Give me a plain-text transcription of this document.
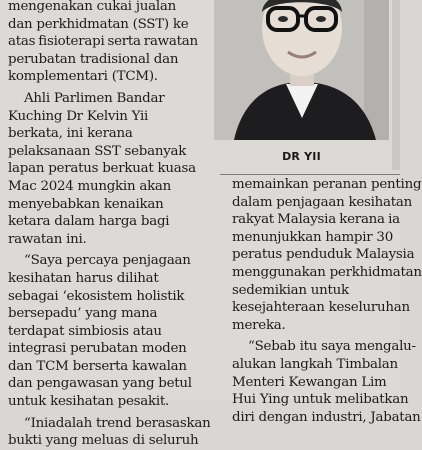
DR YII
mengenakan cukai jualan
dan perkhidmatan (SST) ke
atas fisioterapi serta rawatan
perubatan tradisional dan
komplementari (TCM).
Ahli Parlimen Bandar
Kuching Dr Kelvin Yii
berkata, ini kerana
pelaksanaan SST sebanyak
lapan peratus berkuat kuasa
Mac 2024 mungkin akan
menyebabkan kenaikan
ketara dalam harga bagi
rawatan ini.
“Saya percaya penjagaan
kesihatan harus dilihat
sebagai ‘ekosistem holistik
bersepadu’ yang mana
terdapat simbiosis atau
integrasi perubatan moden
dan TCM berserta kawalan
dan pengawasan yang betul
untuk kesihatan pesakit.
“Iniadalah trend berasaskan
bukti yang meluas di seluruh
memainkan peranan penting
dalam penjagaan kesihatan
rakyat Malaysia kerana ia
menunjukkan hampir 30
peratus penduduk Malaysia
menggunakan perkhidmatan
sedemikian untuk
kesejahteraan keseluruhan
mereka.
“Sebab itu saya mengalu-
alukan langkah Timbalan
Menteri Kewangan Lim
Hui Ying untuk melibatkan
diri dengan industri, Jabatan
